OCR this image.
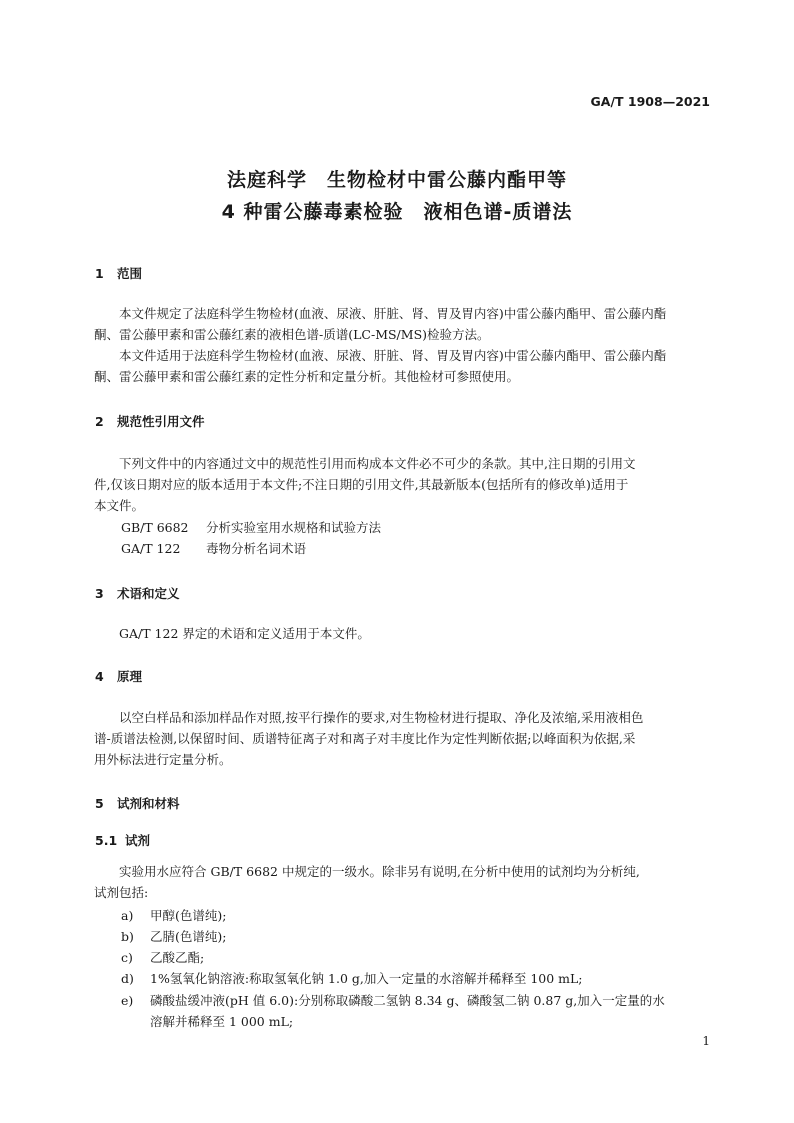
GA/T 1908—2021
法庭科学　生物检材中雷公藤内酯甲等
4 种雷公藤毒素检验　液相色谱-质谱法
1 范围
本文件规定了法庭科学生物检材(血液、尿液、肝脏、肾、胃及胃内容)中雷公藤内酯甲、雷公藤内酯
酮、雷公藤甲素和雷公藤红素的液相色谱-质谱(LC-MS/MS)检验方法。
本文件适用于法庭科学生物检材(血液、尿液、肝脏、肾、胃及胃内容)中雷公藤内酯甲、雷公藤内酯
酮、雷公藤甲素和雷公藤红素的定性分析和定量分析。其他检材可参照使用。
2 规范性引用文件
下列文件中的内容通过文中的规范性引用而构成本文件必不可少的条款。其中,注日期的引用文
件,仅该日期对应的版本适用于本文件;不注日期的引用文件,其最新版本(包括所有的修改单)适用于
本文件。
GB/T 6682 分析实验室用水规格和试验方法
GA/T 122 毒物分析名词术语
3 术语和定义
GA/T 122 界定的术语和定义适用于本文件。
4 原理
以空白样品和添加样品作对照,按平行操作的要求,对生物检材进行提取、净化及浓缩,采用液相色
谱-质谱法检测,以保留时间、质谱特征离子对和离子对丰度比作为定性判断依据;以峰面积为依据,采
用外标法进行定量分析。
5 试剂和材料
5.1 试剂
实验用水应符合 GB/T 6682 中规定的一级水。除非另有说明,在分析中使用的试剂均为分析纯,
试剂包括:
a) 甲醇(色谱纯);
b) 乙腈(色谱纯);
c) 乙酸乙酯;
d) 1%氢氧化钠溶液:称取氢氧化钠 1.0 g,加入一定量的水溶解并稀释至 100 mL;
e) 磷酸盐缓冲液(pH 值 6.0):分别称取磷酸二氢钠 8.34 g、磷酸氢二钠 0.87 g,加入一定量的水
溶解并稀释至 1 000 mL;
1
